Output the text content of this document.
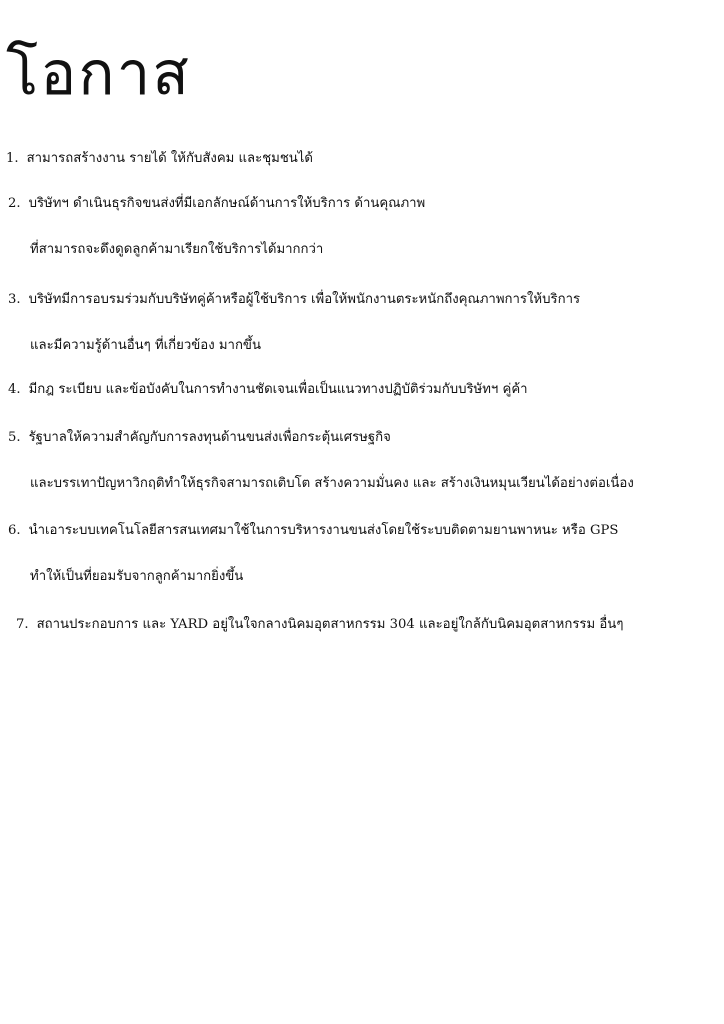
โอกาส
1. สามารถสร้างงาน รายได้ ให้กับสังคม และชุมชนได้
2. บริษัทฯ ดำเนินธุรกิจขนส่งที่มีเอกลักษณ์ด้านการให้บริการ ด้านคุณภาพ
ที่สามารถจะดึงดูดลูกค้ามาเรียกใช้บริการได้มากกว่า
3. บริษัทมีการอบรมร่วมกับบริษัทคู่ค้าหรือผู้ใช้บริการ เพื่อให้พนักงานตระหนักถึงคุณภาพการให้บริการ
และมีความรู้ด้านอื่นๆ ที่เกี่ยวข้อง มากขึ้น
4. มีกฎ ระเบียบ และข้อบังคับในการทำงานชัดเจนเพื่อเป็นแนวทางปฏิบัติร่วมกับบริษัทฯ คู่ค้า
5. รัฐบาลให้ความสำคัญกับการลงทุนด้านขนส่งเพื่อกระตุ้นเศรษฐกิจ
และบรรเทาปัญหาวิกฤติทำให้ธุรกิจสามารถเติบโต สร้างความมั่นคง และ สร้างเงินหมุนเวียนได้อย่างต่อเนื่อง
6. นำเอาระบบเทคโนโลยีสารสนเทศมาใช้ในการบริหารงานขนส่งโดยใช้ระบบติดตามยานพาหนะ หรือ GPS
ทำให้เป็นที่ยอมรับจากลูกค้ามากยิ่งขึ้น
7. สถานประกอบการ และ YARD อยู่ในใจกลางนิคมอุตสาหกรรม 304 และอยู่ใกล้กับนิคมอุตสาหกรรม อื่นๆ
